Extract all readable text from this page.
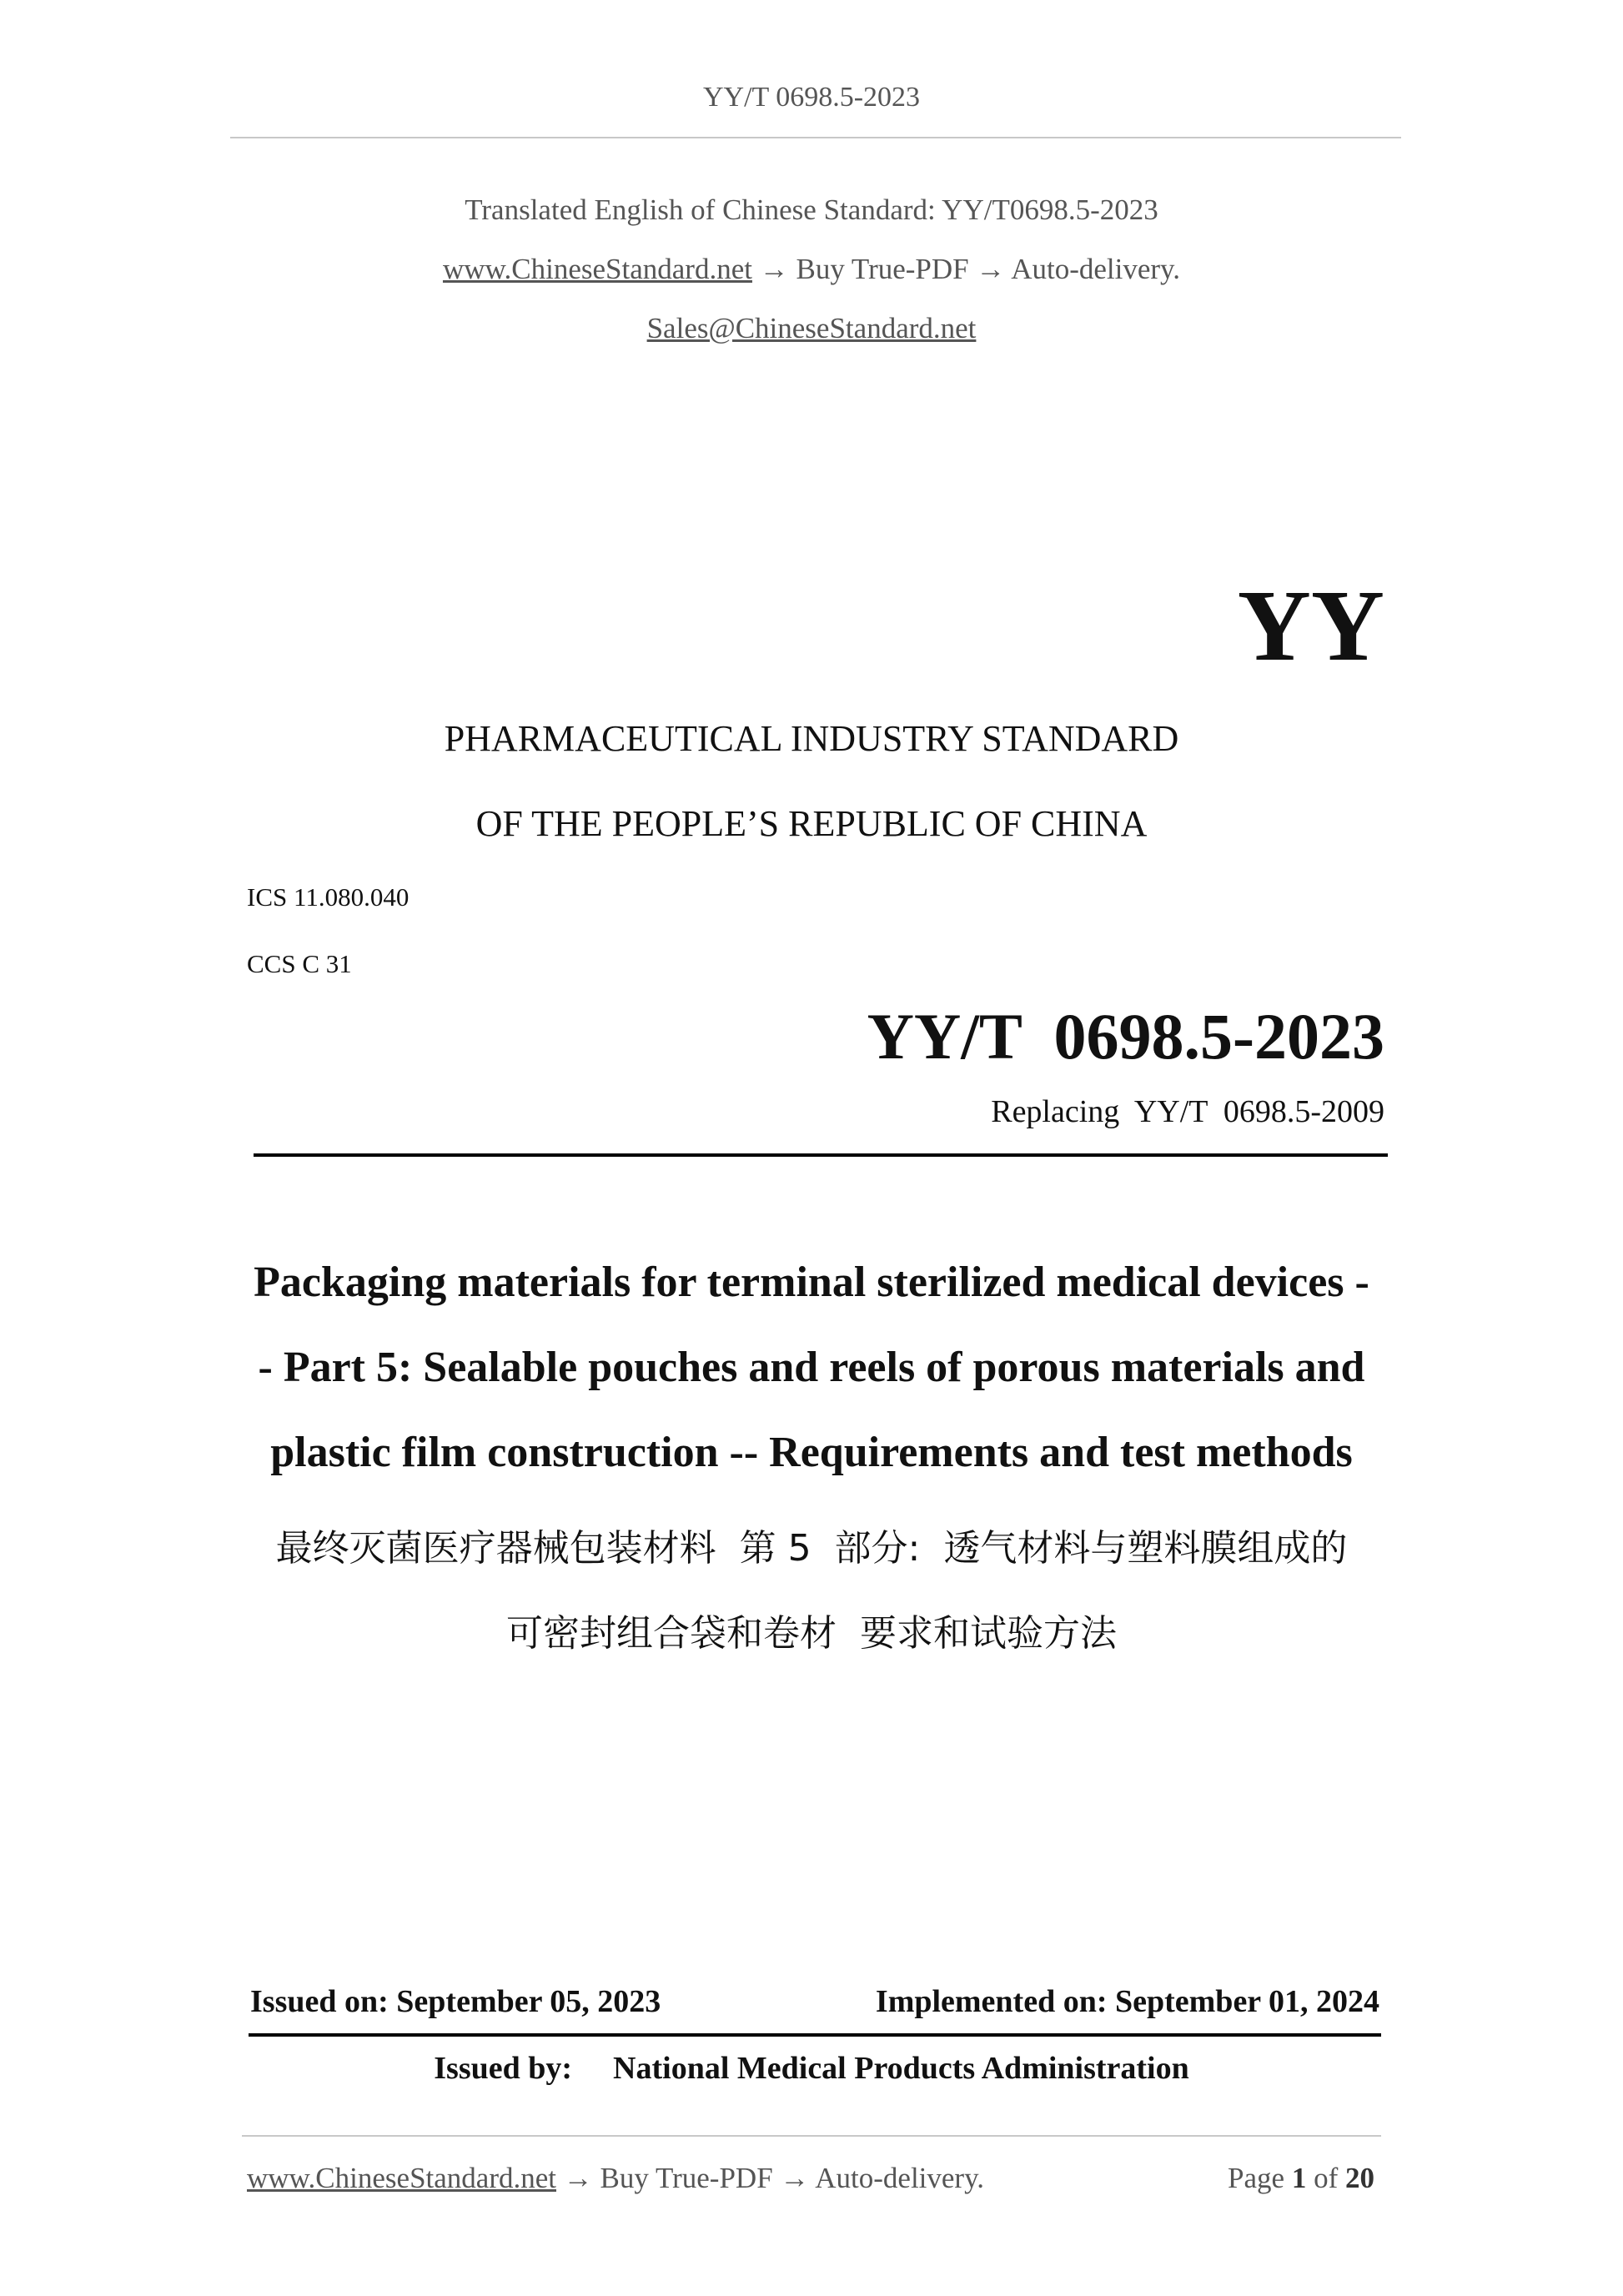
YY/T 0698.5-2023
Translated English of Chinese Standard: YY/T0698.5-2023
www.ChineseStandard.net → Buy True-PDF → Auto-delivery.
Sales@ChineseStandard.net
YY
PHARMACEUTICAL INDUSTRY STANDARD
OF THE PEOPLE’S REPUBLIC OF CHINA
ICS 11.080.040
CCS C 31
YY/T  0698.5-2023
Replacing  YY/T  0698.5-2009
Packaging materials for terminal sterilized medical devices -
- Part 5: Sealable pouches and reels of porous materials and
plastic film construction -- Requirements and test methods
最终灭菌医疗器械包装材料  第 5  部分:  透气材料与塑料膜组成的
可密封组合袋和卷材  要求和试验方法
Issued on: September 05, 2023	Implemented on: September 01, 2024
Issued by: National Medical Products Administration
www.ChineseStandard.net → Buy True-PDF → Auto-delivery.	Page 1 of 20
